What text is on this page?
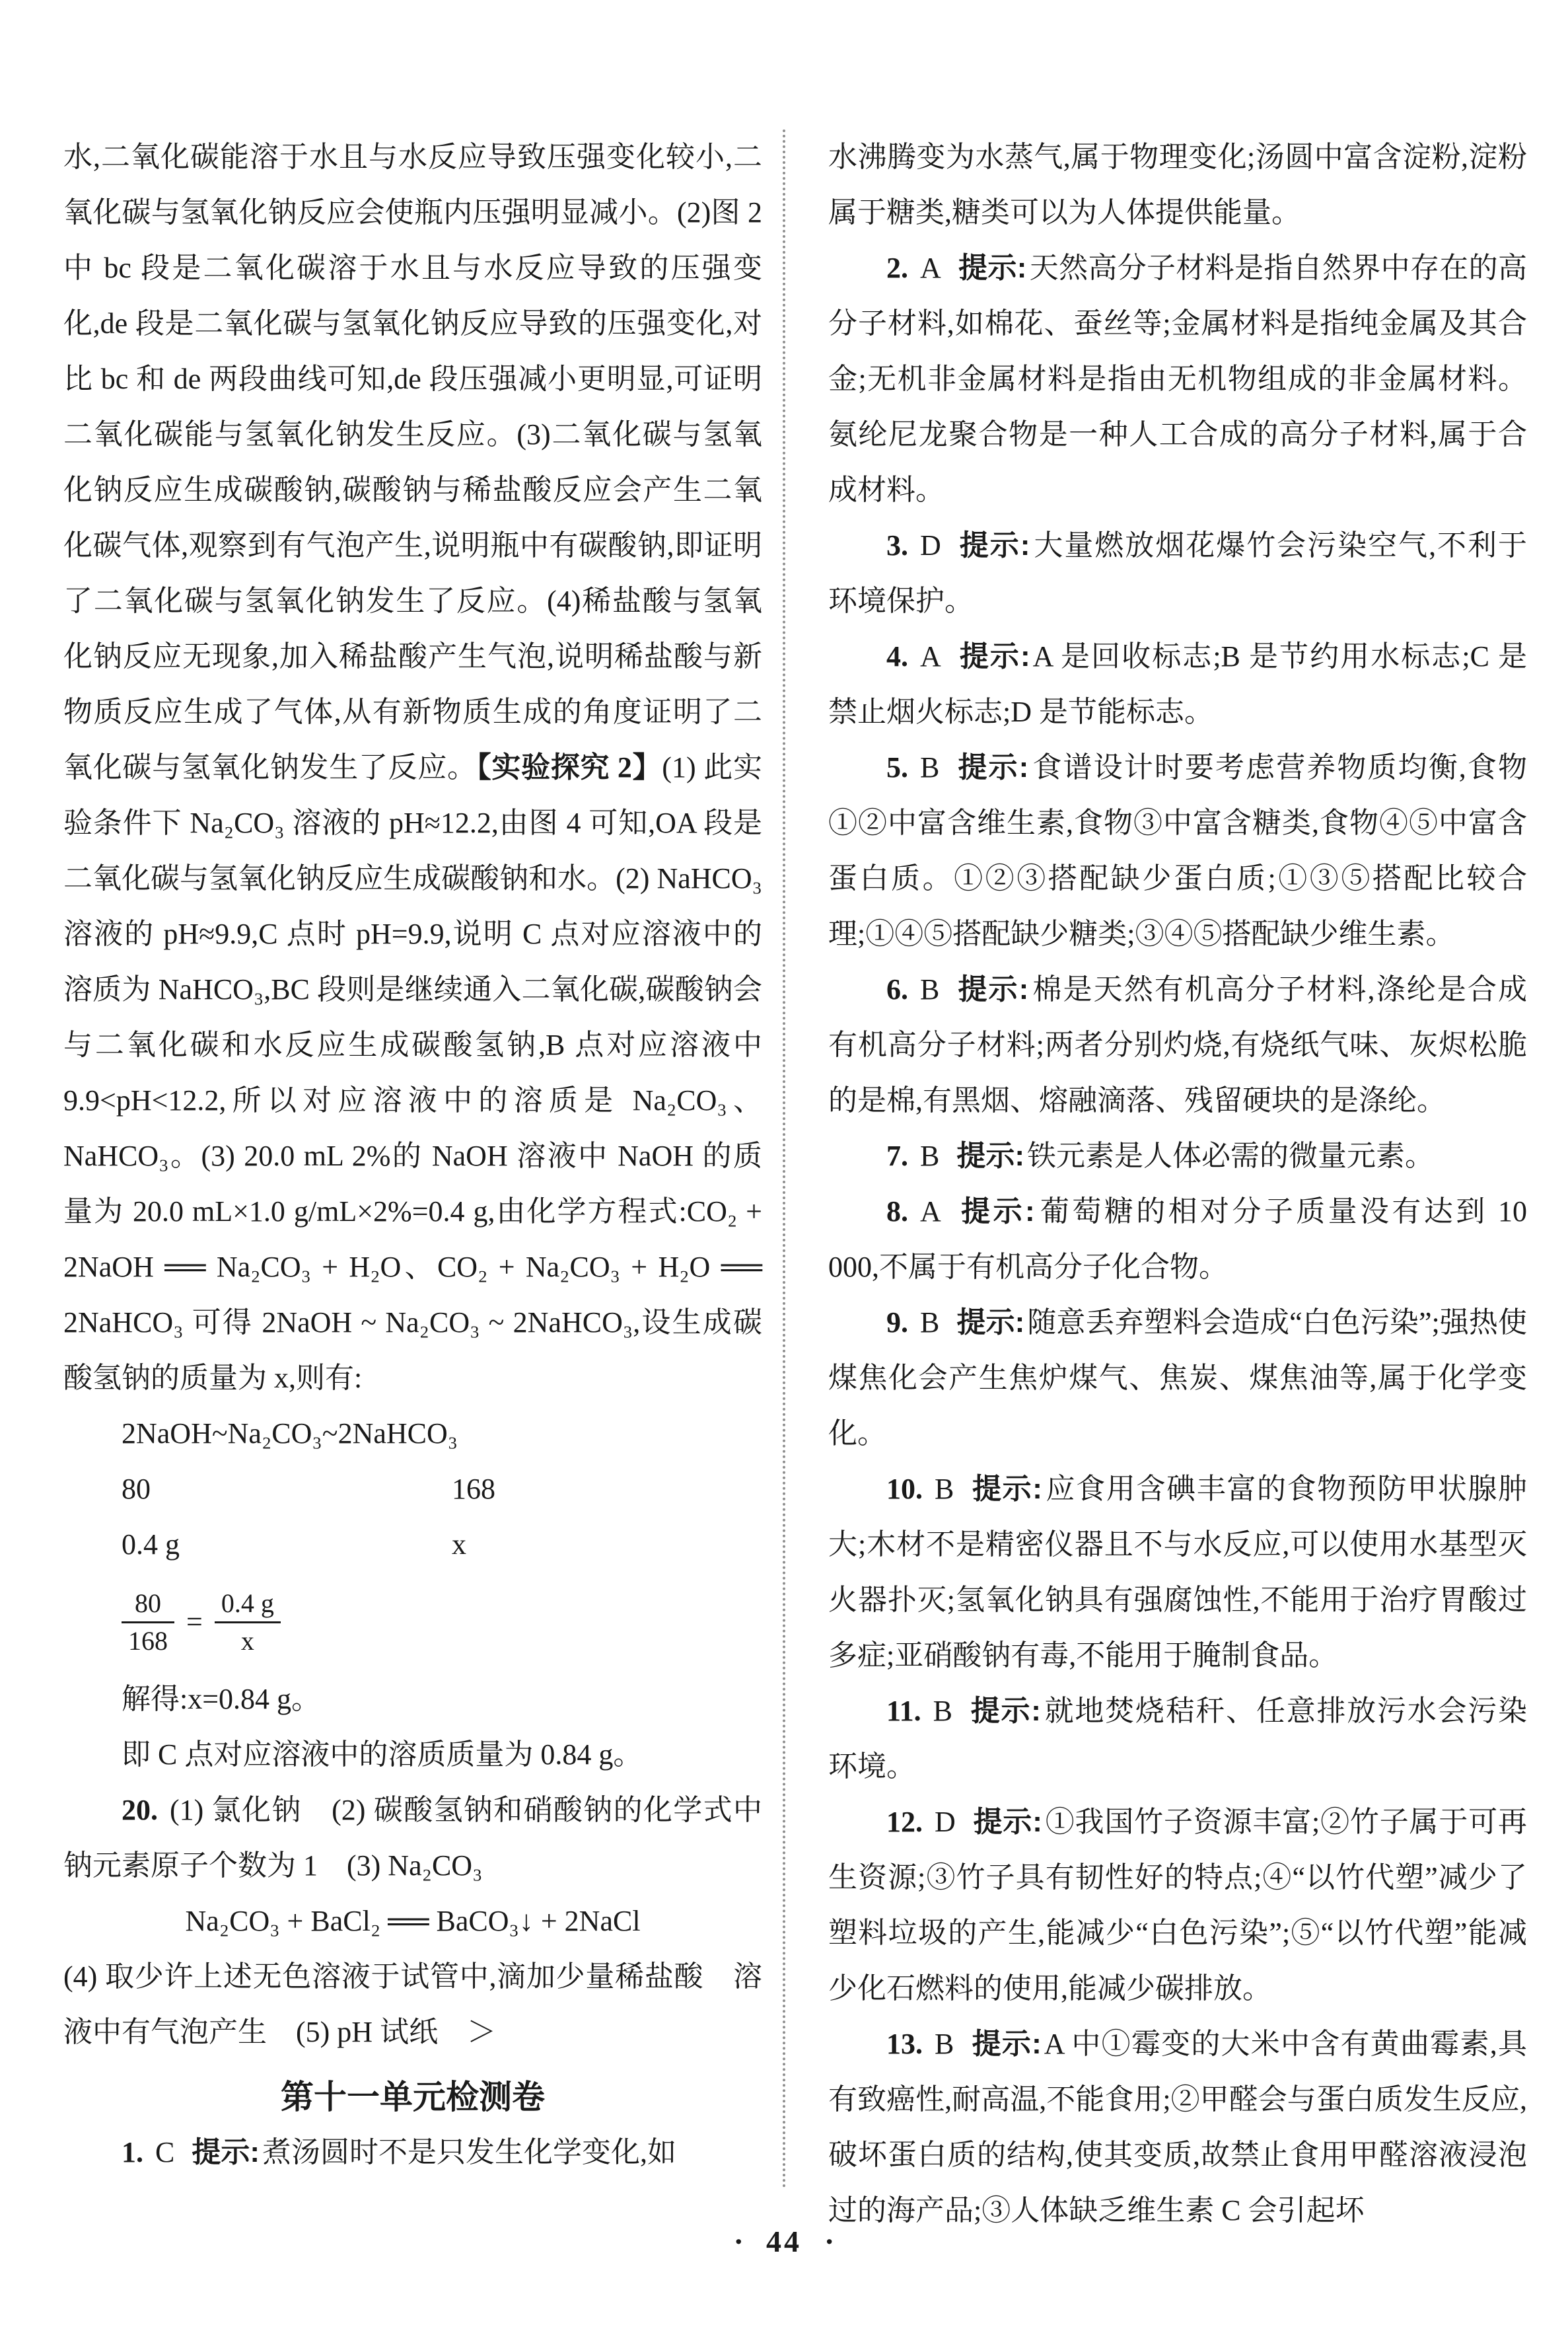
水,二氧化碳能溶于水且与水反应导致压强变化较小,二氧化碳与氢氧化钠反应会使瓶内压强明显减小。(2)图 2 中 bc 段是二氧化碳溶于水且与水反应导致的压强变化,de 段是二氧化碳与氢氧化钠反应导致的压强变化,对比 bc 和 de 两段曲线可知,de 段压强减小更明显,可证明二氧化碳能与氢氧化钠发生反应。(3)二氧化碳与氢氧化钠反应生成碳酸钠,碳酸钠与稀盐酸反应会产生二氧化碳气体,观察到有气泡产生,说明瓶中有碳酸钠,即证明了二氧化碳与氢氧化钠发生了反应。(4)稀盐酸与氢氧化钠反应无现象,加入稀盐酸产生气泡,说明稀盐酸与新物质反应生成了气体,从有新物质生成的角度证明了二氧化碳与氢氧化钠发生了反应。【实验探究 2】(1) 此实验条件下 Na₂CO₃ 溶液的 pH≈12.2,由图 4 可知,OA 段是二氧化碳与氢氧化钠反应生成碳酸钠和水。(2) NaHCO₃ 溶液的 pH≈9.9,C 点时 pH=9.9,说明 C 点对应溶液中的溶质为 NaHCO₃,BC 段则是继续通入二氧化碳,碳酸钠会与二氧化碳和水反应生成碳酸氢钠,B 点对应溶液中 9.9<pH<12.2,所以对应溶液中的溶质是 Na₂CO₃、NaHCO₃。(3) 20.0 mL 2%的 NaOH 溶液中 NaOH 的质量为 20.0 mL×1.0 g/mL×2%=0.4 g,由化学方程式:CO₂ + 2NaOH ══ Na₂CO₃ + H₂O、CO₂ + Na₂CO₃ + H₂O ══ 2NaHCO₃ 可得 2NaOH ~ Na₂CO₃ ~ 2NaHCO₃,设生成碳酸氢钠的质量为 x,则有:

2NaOH~Na₂CO₃~2NaHCO₃
80	168
0.4 g	x
$\frac{80}{168} = \frac{0.4 g}{x}$
解得:x=0.84 g。
即 C 点对应溶液中的溶质质量为 0.84 g。

20. (1) 氯化钠　(2) 碳酸氢钠和硝酸钠的化学式中钠元素原子个数为 1　(3) Na₂CO₃

Na₂CO₃ + BaCl₂ ══ BaCO₃↓ + 2NaCl

(4) 取少许上述无色溶液于试管中,滴加少量稀盐酸　溶液中有气泡产生　(5) pH 试纸　 ＞

第十一单元检测卷

1. C 提示:煮汤圆时不是只发生化学变化,如

水沸腾变为水蒸气,属于物理变化;汤圆中富含淀粉,淀粉属于糖类,糖类可以为人体提供能量。

2. A 提示:天然高分子材料是指自然界中存在的高分子材料,如棉花、蚕丝等;金属材料是指纯金属及其合金;无机非金属材料是指由无机物组成的非金属材料。氨纶尼龙聚合物是一种人工合成的高分子材料,属于合成材料。

3. D 提示:大量燃放烟花爆竹会污染空气,不利于环境保护。

4. A 提示:A 是回收标志;B 是节约用水标志;C 是禁止烟火标志;D 是节能标志。

5. B 提示:食谱设计时要考虑营养物质均衡,食物①②中富含维生素,食物③中富含糖类,食物④⑤中富含蛋白质。①②③搭配缺少蛋白质;①③⑤搭配比较合理;①④⑤搭配缺少糖类;③④⑤搭配缺少维生素。

6. B 提示:棉是天然有机高分子材料,涤纶是合成有机高分子材料;两者分别灼烧,有烧纸气味、灰烬松脆的是棉,有黑烟、熔融滴落、残留硬块的是涤纶。

7. B 提示:铁元素是人体必需的微量元素。

8. A 提示:葡萄糖的相对分子质量没有达到 10 000,不属于有机高分子化合物。

9. B 提示:随意丢弃塑料会造成“白色污染”;强热使煤焦化会产生焦炉煤气、焦炭、煤焦油等,属于化学变化。

10. B 提示:应食用含碘丰富的食物预防甲状腺肿大;木材不是精密仪器且不与水反应,可以使用水基型灭火器扑灭;氢氧化钠具有强腐蚀性,不能用于治疗胃酸过多症;亚硝酸钠有毒,不能用于腌制食品。

11. B 提示:就地焚烧秸秆、任意排放污水会污染环境。

12. D 提示:①我国竹子资源丰富;②竹子属于可再生资源;③竹子具有韧性好的特点;④“以竹代塑”减少了塑料垃圾的产生,能减少“白色污染”;⑤“以竹代塑”能减少化石燃料的使用,能减少碳排放。

13. B 提示:A 中①霉变的大米中含有黄曲霉素,具有致癌性,耐高温,不能食用;②甲醛会与蛋白质发生反应,破坏蛋白质的结构,使其变质,故禁止食用甲醛溶液浸泡过的海产品;③人体缺乏维生素 C 会引起坏

· 44 ·
